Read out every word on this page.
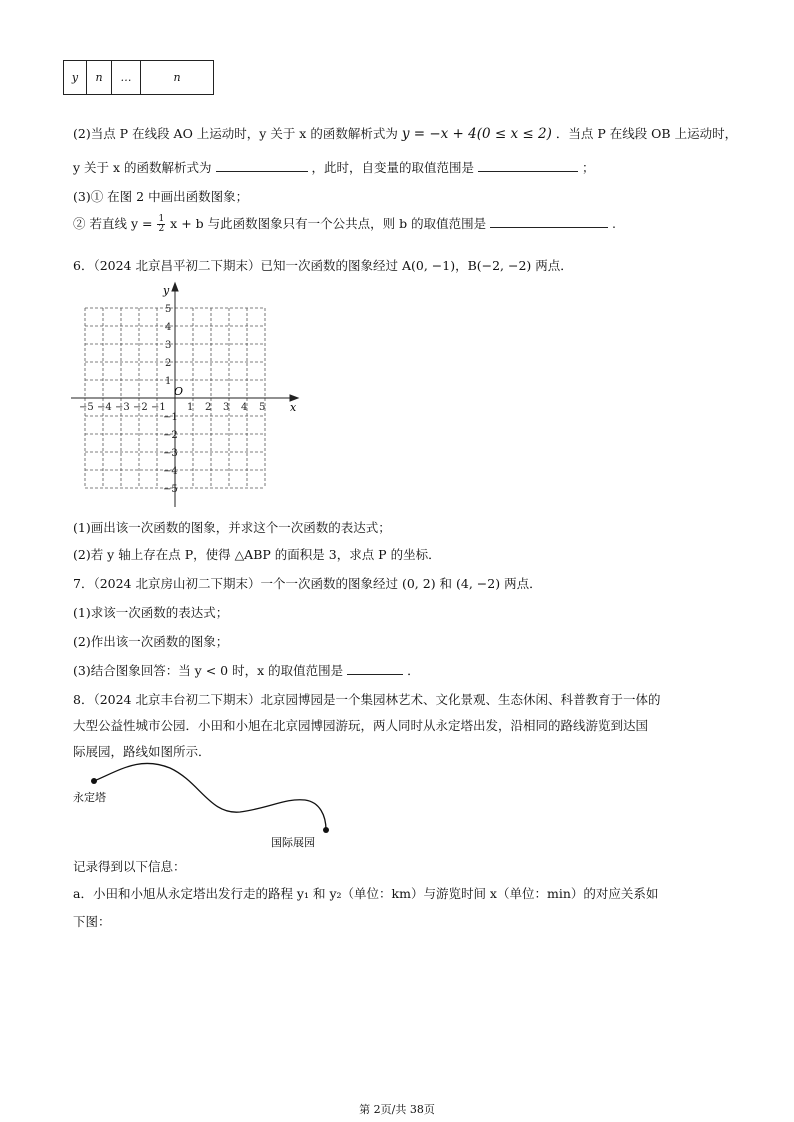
y	n	…	n
(2)当点 P 在线段 AO 上运动时，y 关于 x 的函数解析式为 y = −x + 4(0 ≤ x ≤ 2) ．当点 P 在线段 OB 上运动时，
y 关于 x 的函数解析式为	，此时，自变量的取值范围是	；
(3)① 在图 2 中画出函数图象；
② 若直线 $y = \frac{1}{2}$ x + b 与此函数图象只有一个公共点，则 b 的取值范围是	.
6．（2024 北京昌平初二下期末）已知一次函数的图象经过 A(0, −1)，B(−2, −2) 两点．
x
y
O
−5 −4 −3 −2 −1 1 2 3 4 5
5
4
3
2
1
−1
−2
−3
−4
−5
(1)画出该一次函数的图象，并求这个一次函数的表达式；
(2)若 y 轴上存在点 P，使得 △ABP 的面积是 3，求点 P 的坐标．
7．（2024 北京房山初二下期末）一个一次函数的图象经过 (0, 2) 和 (4, −2) 两点．
(1)求该一次函数的表达式；
(2)作出该一次函数的图象；
(3)结合图象回答：当 y < 0 时，x 的取值范围是	．
8．（2024 北京丰台初二下期末）北京园博园是一个集园林艺术、文化景观、生态休闲、科普教育于一体的
大型公益性城市公园．小田和小旭在北京园博园游玩，两人同时从永定塔出发，沿相同的路线游览到达国
际展园，路线如图所示．
永定塔
国际展园
记录得到以下信息：
a．小田和小旭从永定塔出发行走的路程 y₁ 和 y₂（单位：km）与游览时间 x（单位：min）的对应关系如
下图：
第 2页/共 38页
